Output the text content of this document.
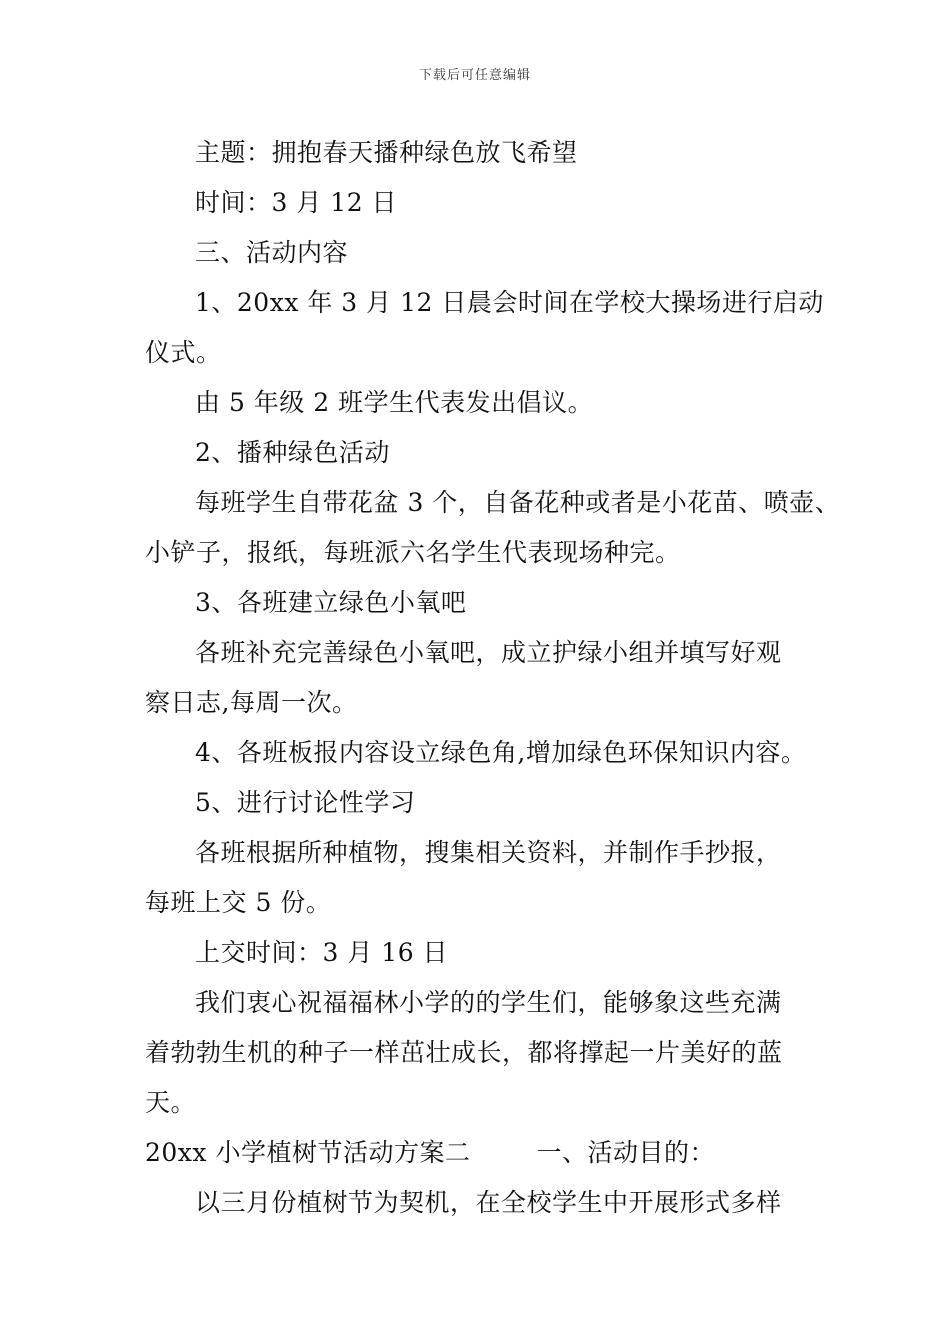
下载后可任意编辑
主题：拥抱春天播种绿色放飞希望
时间：3 月 12 日
三、活动内容
1、20xx 年 3 月 12 日晨会时间在学校大操场进行启动
仪式。
由 5 年级 2 班学生代表发出倡议。
2、播种绿色活动
每班学生自带花盆 3 个，自备花种或者是小花苗、喷壶、
小铲子，报纸，每班派六名学生代表现场种完。
3、各班建立绿色小氧吧
各班补充完善绿色小氧吧，成立护绿小组并填写好观
察日志,每周一次。
4、各班板报内容设立绿色角,增加绿色环保知识内容。
5、进行讨论性学习
各班根据所种植物，搜集相关资料，并制作手抄报，
每班上交 5 份。
上交时间：3 月 16 日
我们衷心祝福福林小学的的学生们，能够象这些充满
着勃勃生机的种子一样茁壮成长，都将撑起一片美好的蓝
天。
20xx 小学植树节活动方案二	一、活动目的：
以三月份植树节为契机，在全校学生中开展形式多样
